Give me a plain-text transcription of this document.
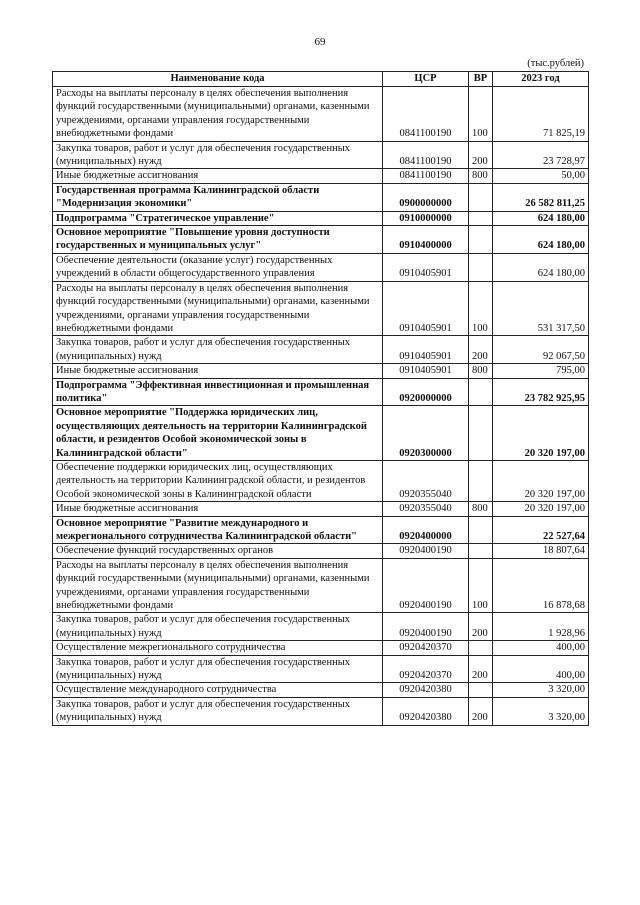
69
(тыс.рублей)
Наименование кода	ЦСР	ВР	2023 год
Расходы на выплаты персоналу в целях обеспечения выполнения функций государственными (муниципальными) органами, казенными учреждениями, органами управления государственными внебюджетными фондами	0841100190	100	71 825,19
Закупка товаров, работ и услуг для обеспечения государственных (муниципальных) нужд	0841100190	200	23 728,97
Иные бюджетные ассигнования	0841100190	800	50,00
Государственная программа Калининградской области "Модернизация экономики"	0900000000		26 582 811,25
Подпрограмма "Стратегическое управление"	0910000000		624 180,00
Основное мероприятие "Повышение уровня доступности государственных и муниципальных услуг"	0910400000		624 180,00
Обеспечение деятельности (оказание услуг) государственных учреждений в области общегосударственного управления	0910405901		624 180,00
Расходы на выплаты персоналу в целях обеспечения выполнения функций государственными (муниципальными) органами, казенными учреждениями, органами управления государственными внебюджетными фондами	0910405901	100	531 317,50
Закупка товаров, работ и услуг для обеспечения государственных (муниципальных) нужд	0910405901	200	92 067,50
Иные бюджетные ассигнования	0910405901	800	795,00
Подпрограмма "Эффективная инвестиционная и промышленная политика"	0920000000		23 782 925,95
Основное мероприятие "Поддержка юридических лиц, осуществляющих деятельность на территории Калининградской области, и резидентов Особой экономической зоны в Калининградской области"	0920300000		20 320 197,00
Обеспечение поддержки юридических лиц, осуществляющих деятельность на территории Калининградской области, и резидентов Особой экономической зоны в Калининградской области	0920355040		20 320 197,00
Иные бюджетные ассигнования	0920355040	800	20 320 197,00
Основное мероприятие "Развитие международного и межрегионального сотрудничества Калининградской области"	0920400000		22 527,64
Обеспечение функций государственных органов	0920400190		18 807,64
Расходы на выплаты персоналу в целях обеспечения выполнения функций государственными (муниципальными) органами, казенными учреждениями, органами управления государственными внебюджетными фондами	0920400190	100	16 878,68
Закупка товаров, работ и услуг для обеспечения государственных (муниципальных) нужд	0920400190	200	1 928,96
Осуществление межрегионального сотрудничества	0920420370		400,00
Закупка товаров, работ и услуг для обеспечения государственных (муниципальных) нужд	0920420370	200	400,00
Осуществление международного сотрудничества	0920420380		3 320,00
Закупка товаров, работ и услуг для обеспечения государственных (муниципальных) нужд	0920420380	200	3 320,00
